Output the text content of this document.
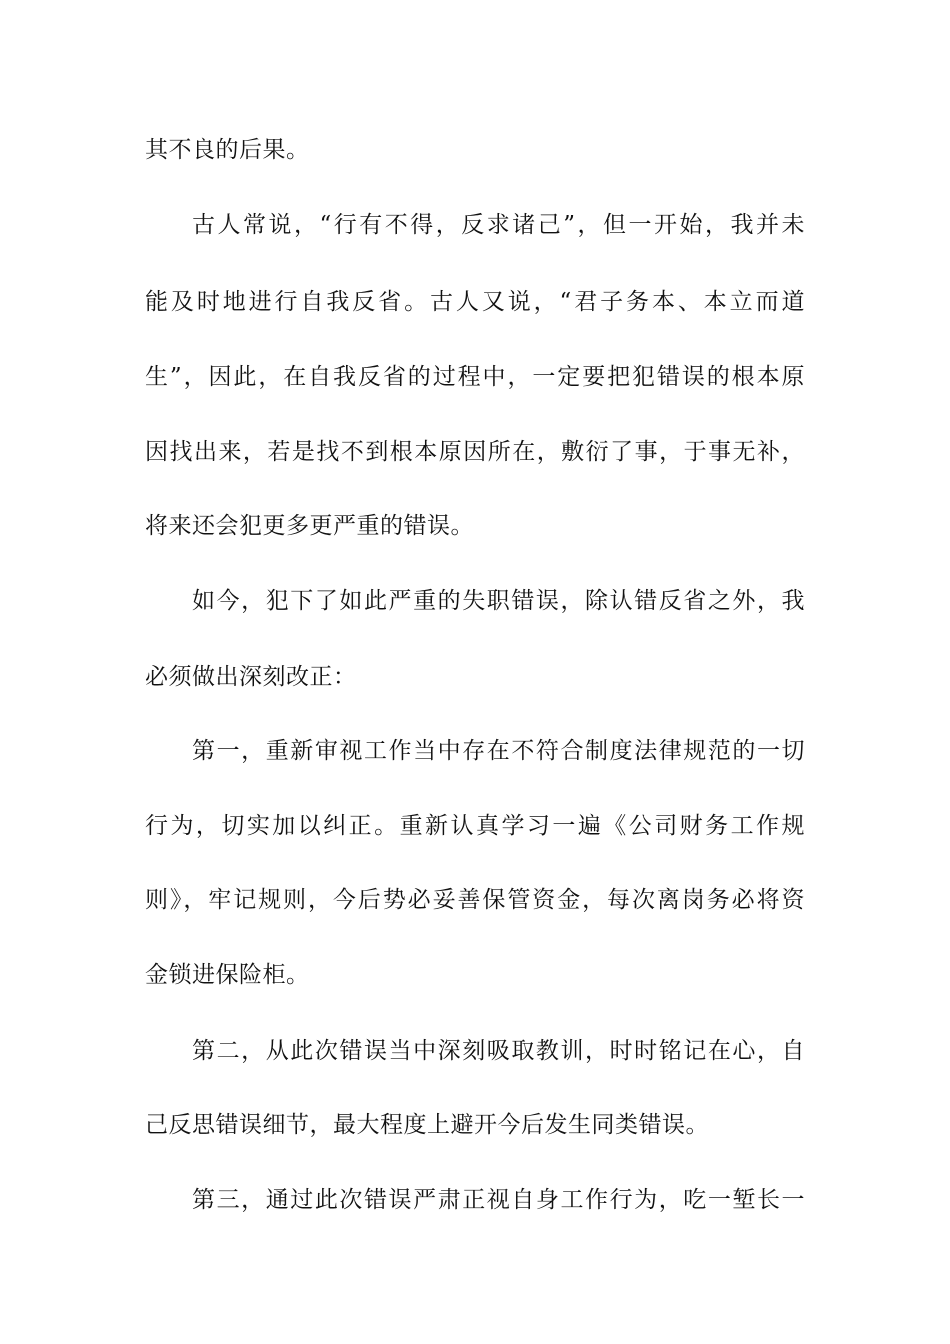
其不良的后果。
古人常说，“行有不得，反求诸己”，但一开始，我并未
能及时地进行自我反省。古人又说，“君子务本、本立而道
生”，因此，在自我反省的过程中，一定要把犯错误的根本原
因找出来，若是找不到根本原因所在，敷衍了事，于事无补，
将来还会犯更多更严重的错误。
如今，犯下了如此严重的失职错误，除认错反省之外，我
必须做出深刻改正：
第一，重新审视工作当中存在不符合制度法律规范的一切
行为，切实加以纠正。重新认真学习一遍《公司财务工作规
则》，牢记规则，今后势必妥善保管资金，每次离岗务必将资
金锁进保险柜。
第二，从此次错误当中深刻吸取教训，时时铭记在心，自
己反思错误细节，最大程度上避开今后发生同类错误。
第三，通过此次错误严肃正视自身工作行为，吃一堑长一
